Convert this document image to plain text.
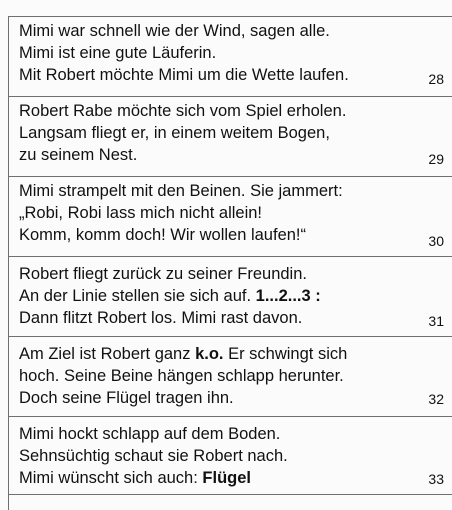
Mimi war schnell wie der Wind, sagen alle.
Mimi ist eine gute Läuferin.
Mit Robert möchte Mimi um die Wette laufen.	28
Robert Rabe möchte sich vom Spiel erholen.
Langsam fliegt er, in einem weitem Bogen,
zu seinem Nest.	29
Mimi strampelt mit den Beinen. Sie jammert:
„Robi, Robi lass mich nicht allein!
Komm, komm doch! Wir wollen laufen!“	30
Robert fliegt zurück zu seiner Freundin.
An der Linie stellen sie sich auf. 1...2...3 :
Dann flitzt Robert los. Mimi rast davon.	31
Am Ziel ist Robert ganz k.o. Er schwingt sich
hoch. Seine Beine hängen schlapp herunter.
Doch seine Flügel tragen ihn.	32
Mimi hockt schlapp auf dem Boden.
Sehnsüchtig schaut sie Robert nach.
Mimi wünscht sich auch: Flügel	33
